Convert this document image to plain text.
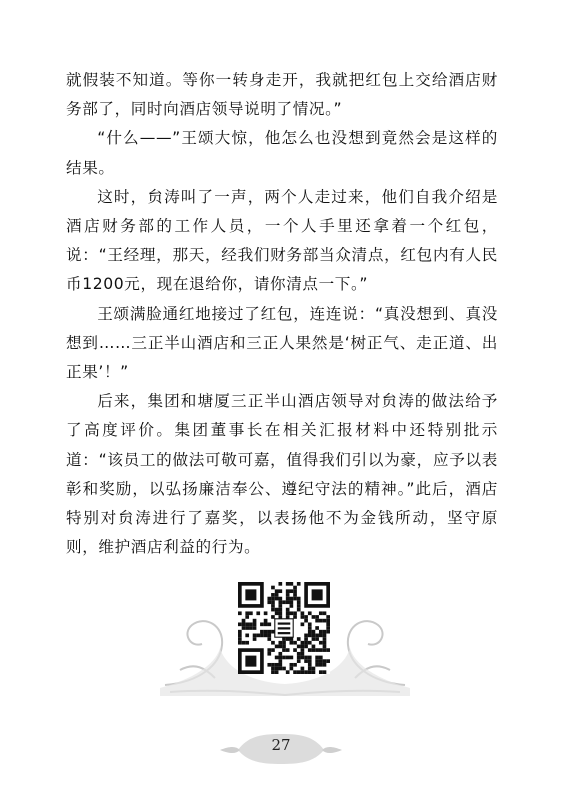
就假装不知道。等你一转身走开，我就把红包上交给酒店财务部了，同时向酒店领导说明了情况。”

“什么——”王颂大惊，他怎么也没想到竟然会是这样的结果。

这时，贠涛叫了一声，两个人走过来，他们自我介绍是酒店财务部的工作人员，一个人手里还拿着一个红包，说：“王经理，那天，经我们财务部当众清点，红包内有人民币1200元，现在退给你，请你清点一下。”

王颂满脸通红地接过了红包，连连说：“真没想到、真没想到……三正半山酒店和三正人果然是‘树正气、走正道、出正果’！”

后来，集团和塘厦三正半山酒店领导对贠涛的做法给予了高度评价。集团董事长在相关汇报材料中还特别批示道：“该员工的做法可敬可嘉，值得我们引以为豪，应予以表彰和奖励，以弘扬廉洁奉公、遵纪守法的精神。”此后，酒店特别对贠涛进行了嘉奖，以表扬他不为金钱所动，坚守原则，维护酒店利益的行为。

27
